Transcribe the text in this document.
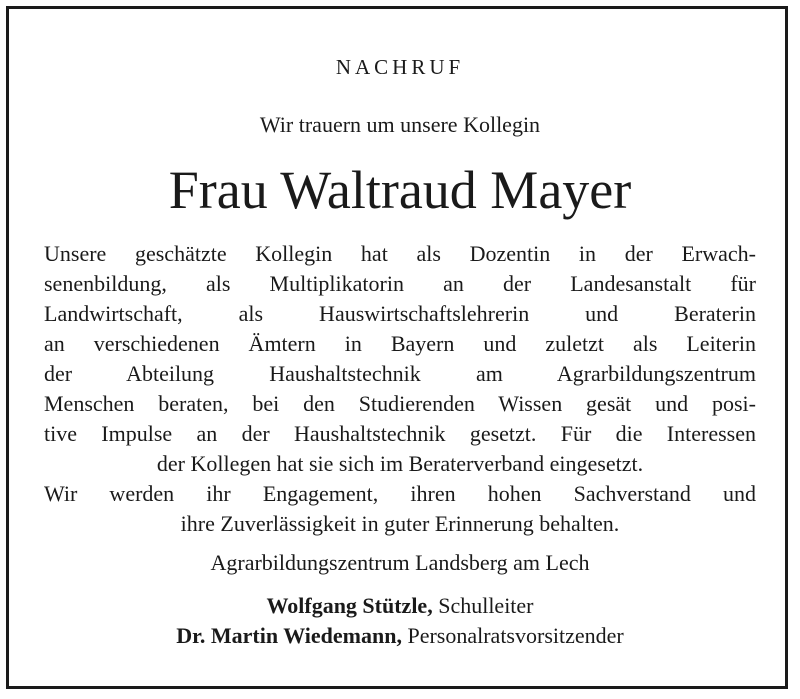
NACHRUF
Wir trauern um unsere Kollegin
Frau Waltraud Mayer
Unsere geschätzte Kollegin hat als Dozentin in der Erwach-
senenbildung, als Multiplikatorin an der Landesanstalt für
Landwirtschaft, als Hauswirtschaftslehrerin und Beraterin
an verschiedenen Ämtern in Bayern und zuletzt als Leiterin
der Abteilung Haushaltstechnik am Agrarbildungszentrum
Menschen beraten, bei den Studierenden Wissen gesät und posi-
tive Impulse an der Haushaltstechnik gesetzt. Für die Interessen
der Kollegen hat sie sich im Beraterverband eingesetzt.
Wir werden ihr Engagement, ihren hohen Sachverstand und
ihre Zuverlässigkeit in guter Erinnerung behalten.
Agrarbildungszentrum Landsberg am Lech
Wolfgang Stützle, Schulleiter
Dr. Martin Wiedemann, Personalratsvorsitzender
